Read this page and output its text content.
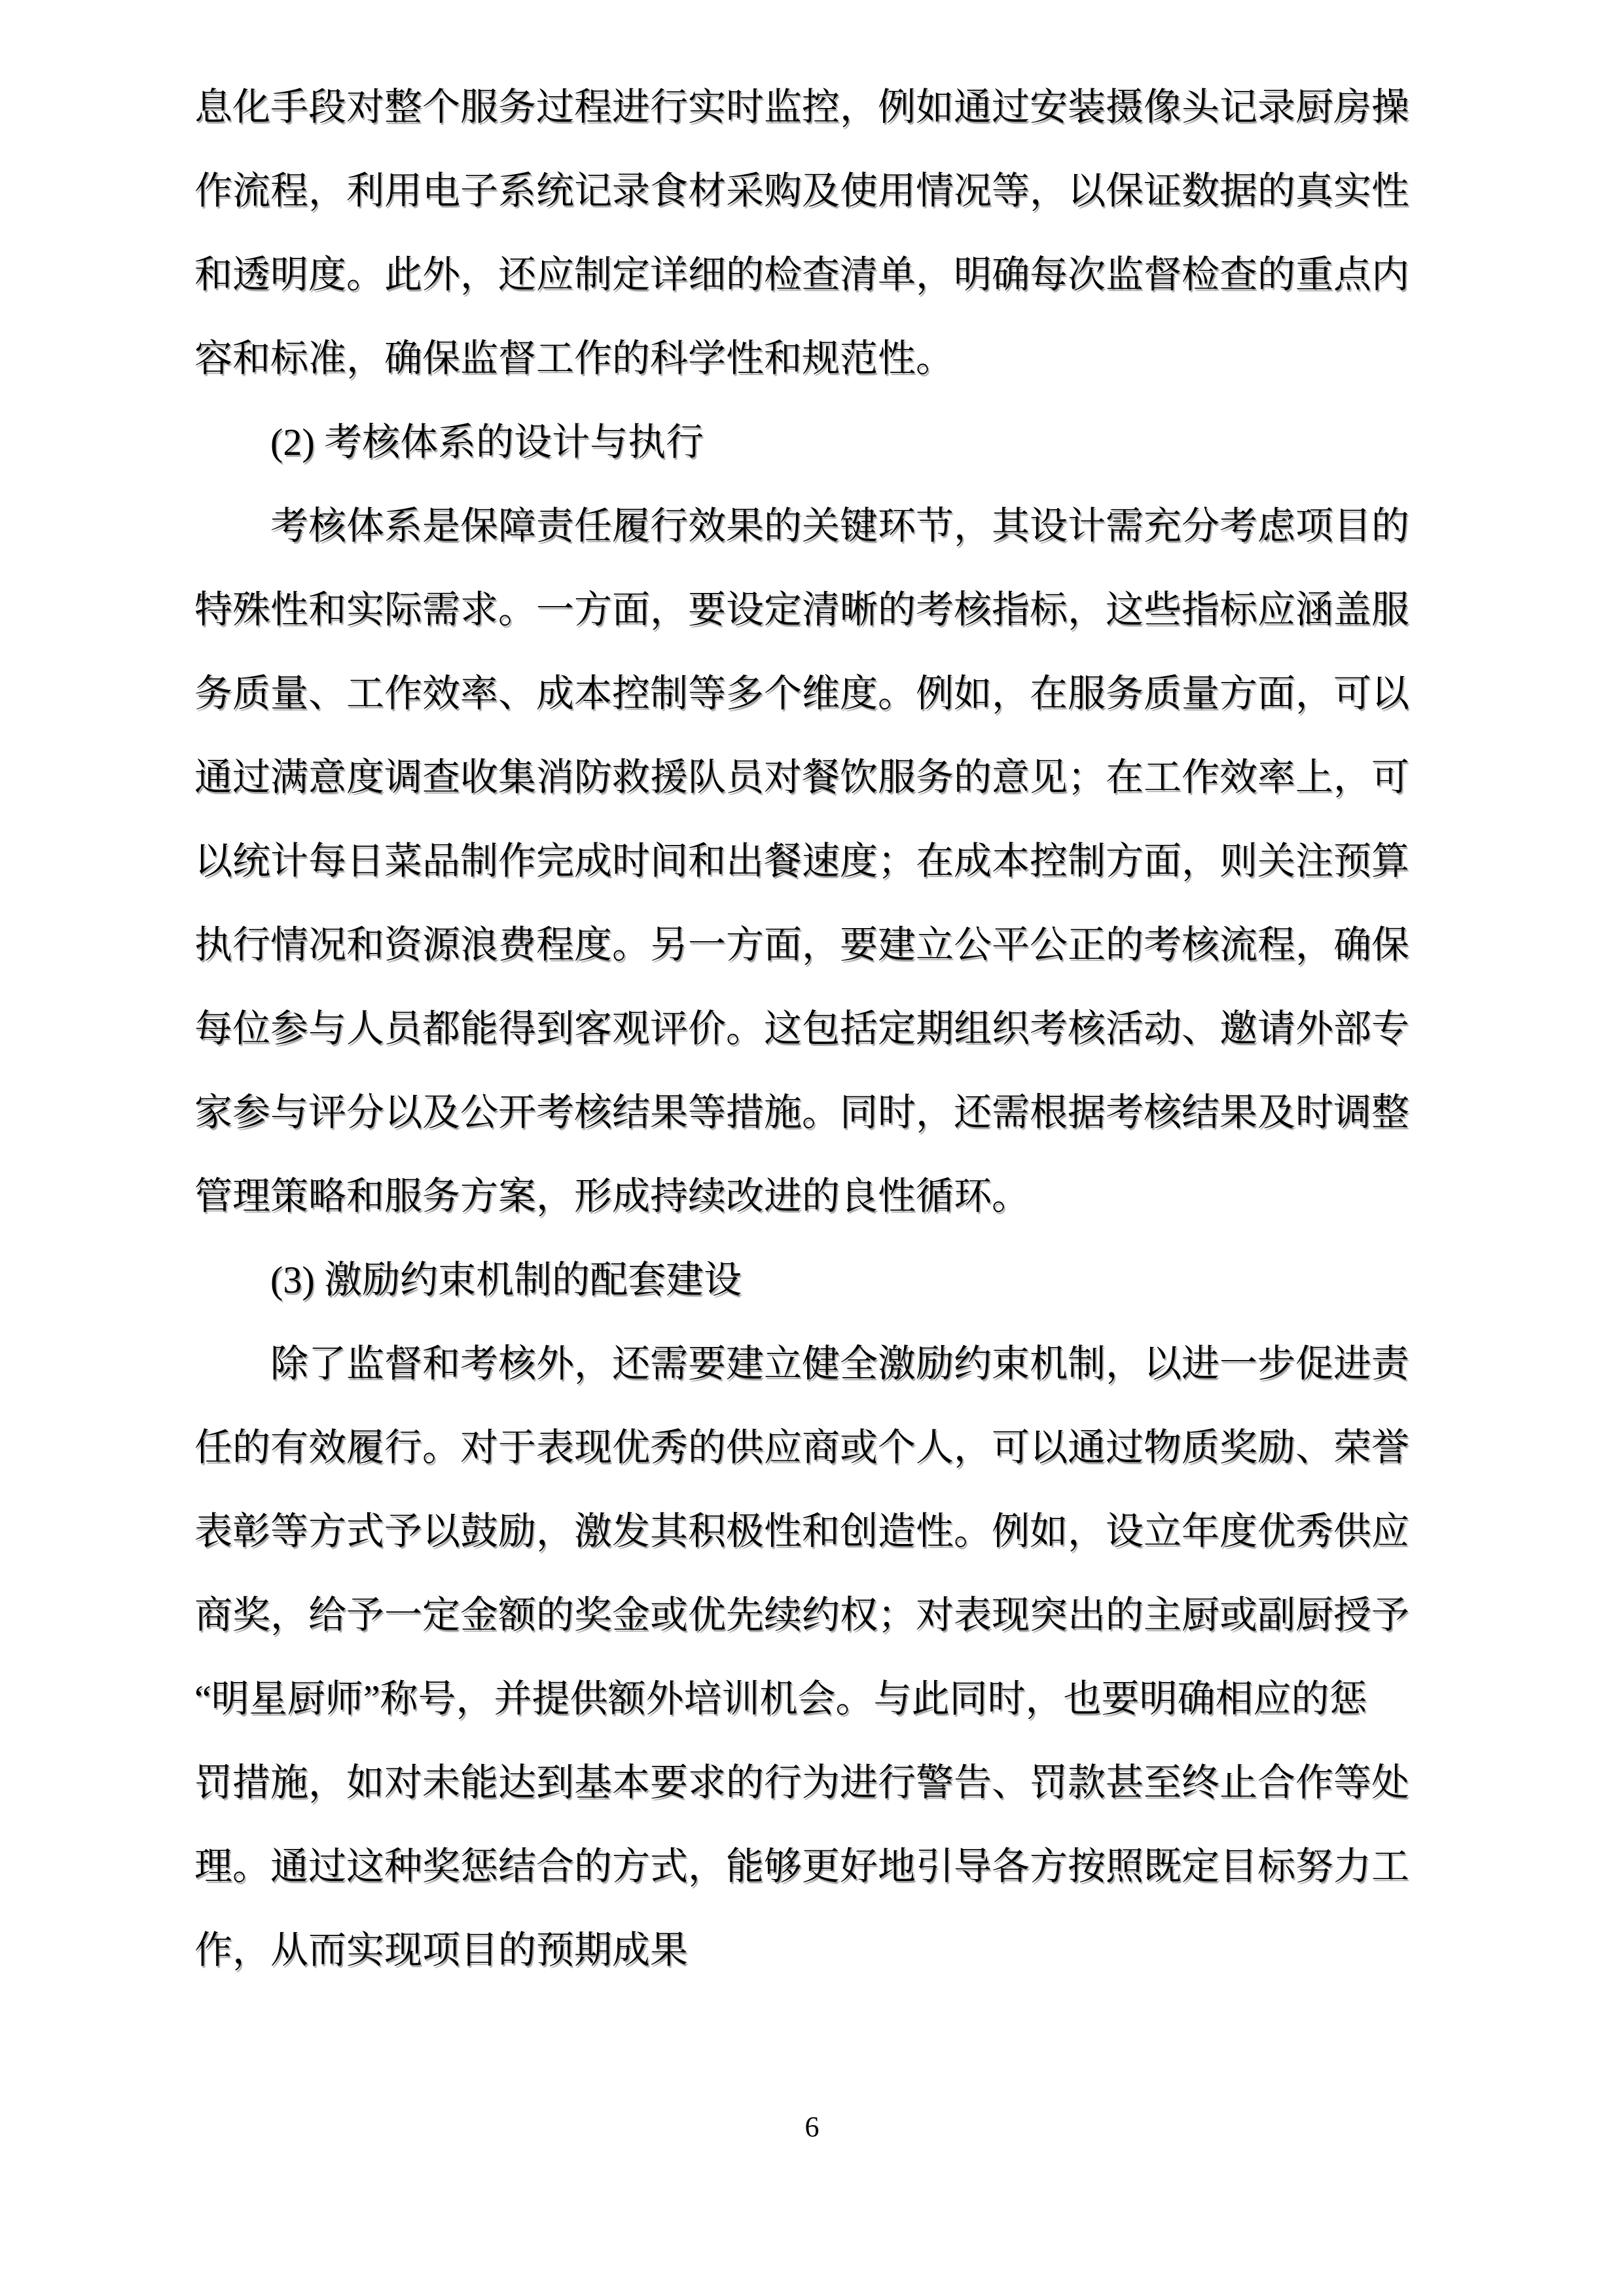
息化手段对整个服务过程进行实时监控，例如通过安装摄像头记录厨房操
作流程，利用电子系统记录食材采购及使用情况等，以保证数据的真实性
和透明度。此外，还应制定详细的检查清单，明确每次监督检查的重点内
容和标准，确保监督工作的科学性和规范性。
(2) 考核体系的设计与执行
考核体系是保障责任履行效果的关键环节，其设计需充分考虑项目的
特殊性和实际需求。一方面，要设定清晰的考核指标，这些指标应涵盖服
务质量、工作效率、成本控制等多个维度。例如，在服务质量方面，可以
通过满意度调查收集消防救援队员对餐饮服务的意见；在工作效率上，可
以统计每日菜品制作完成时间和出餐速度；在成本控制方面，则关注预算
执行情况和资源浪费程度。另一方面，要建立公平公正的考核流程，确保
每位参与人员都能得到客观评价。这包括定期组织考核活动、邀请外部专
家参与评分以及公开考核结果等措施。同时，还需根据考核结果及时调整
管理策略和服务方案，形成持续改进的良性循环。
(3) 激励约束机制的配套建设
除了监督和考核外，还需要建立健全激励约束机制，以进一步促进责
任的有效履行。对于表现优秀的供应商或个人，可以通过物质奖励、荣誉
表彰等方式予以鼓励，激发其积极性和创造性。例如，设立年度优秀供应
商奖，给予一定金额的奖金或优先续约权；对表现突出的主厨或副厨授予
“明星厨师”称号，并提供额外培训机会。与此同时，也要明确相应的惩
罚措施，如对未能达到基本要求的行为进行警告、罚款甚至终止合作等处
理。通过这种奖惩结合的方式，能够更好地引导各方按照既定目标努力工
作，从而实现项目的预期成果
6
